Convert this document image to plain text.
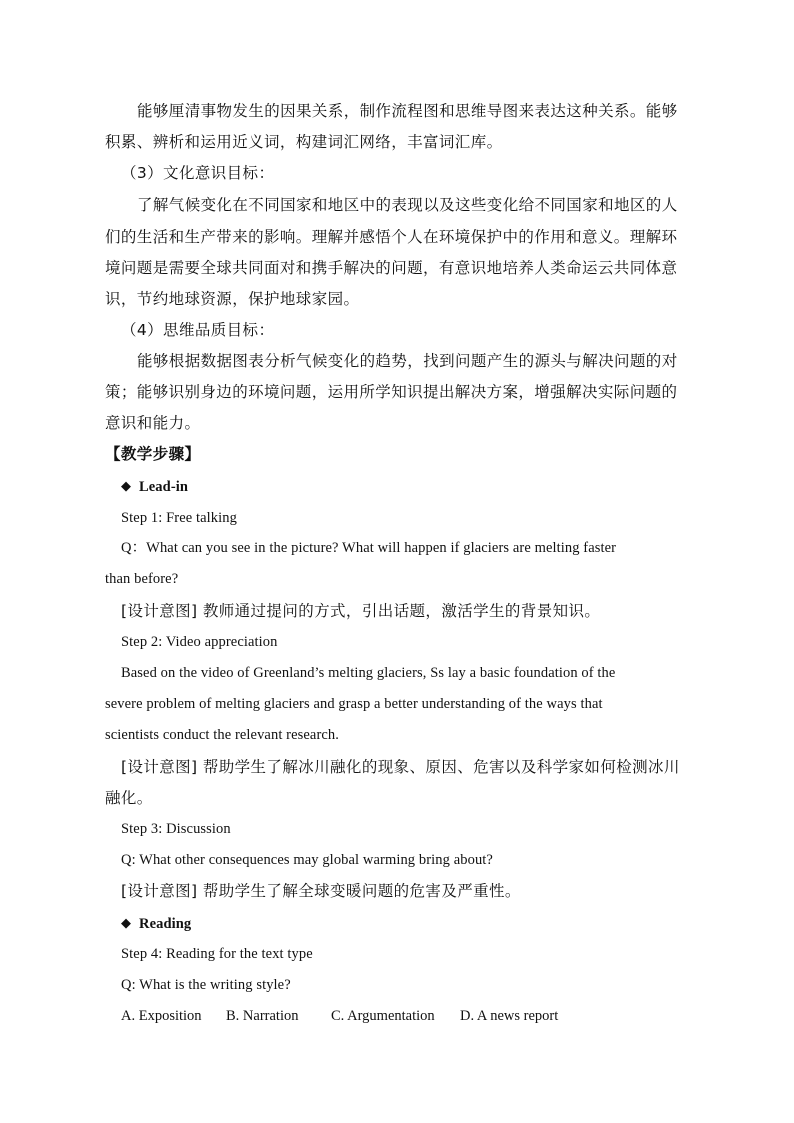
能够厘清事物发生的因果关系，制作流程图和思维导图来表达这种关系。能够
积累、辨析和运用近义词，构建词汇网络，丰富词汇库。
（3）文化意识目标：
了解气候变化在不同国家和地区中的表现以及这些变化给不同国家和地区的人
们的生活和生产带来的影响。理解并感悟个人在环境保护中的作用和意义。理解环
境问题是需要全球共同面对和携手解决的问题，有意识地培养人类命运云共同体意
识，节约地球资源，保护地球家园。
（4）思维品质目标：
能够根据数据图表分析气候变化的趋势，找到问题产生的源头与解决问题的对
策；能够识别身边的环境问题，运用所学知识提出解决方案，增强解决实际问题的
意识和能力。
【教学步骤】
◆ Lead-in
Step 1: Free talking
Q：What can you see in the picture? What will happen if glaciers are melting faster
than before?
[设计意图] 教师通过提问的方式，引出话题，激活学生的背景知识。
Step 2: Video appreciation
Based on the video of Greenland’s melting glaciers, Ss lay a basic foundation of the
severe problem of melting glaciers and grasp a better understanding of the ways that
scientists conduct the relevant research.
[设计意图] 帮助学生了解冰川融化的现象、原因、危害以及科学家如何检测冰川
融化。
Step 3: Discussion
Q: What other consequences may global warming bring about?
[设计意图] 帮助学生了解全球变暖问题的危害及严重性。
◆ Reading
Step 4: Reading for the text type
Q: What is the writing style?
A. Exposition B. Narration C. Argumentation D. A news report
